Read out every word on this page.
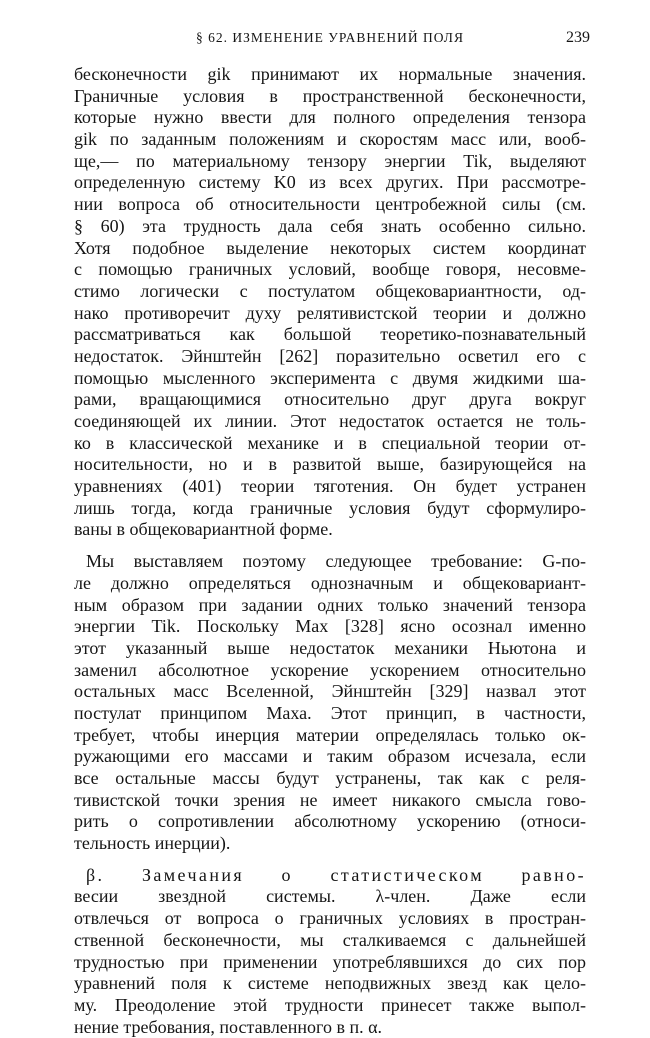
§ 62. ИЗМЕНЕНИЕ УРАВНЕНИЙ ПОЛЯ	239
бесконечности gik принимают их нормальные значения.
Граничные условия в пространственной бесконечности,
которые нужно ввести для полного определения тензора
gik по заданным положениям и скоростям масс или, вооб-
ще,— по материальному тензору энергии Tik, выделяют
определенную систему K0 из всех других. При рассмотре-
нии вопроса об относительности центробежной силы (см.
§ 60) эта трудность дала себя знать особенно сильно.
Хотя подобное выделение некоторых систем координат
с помощью граничных условий, вообще говоря, несовме-
стимо логически с постулатом общековариантности, од-
нако противоречит духу релятивистской теории и должно
рассматриваться как большой теоретико-познавательный
недостаток. Эйнштейн [262] поразительно осветил его с
помощью мысленного эксперимента с двумя жидкими ша-
рами, вращающимися относительно друг друга вокруг
соединяющей их линии. Этот недостаток остается не толь-
ко в классической механике и в специальной теории от-
носительности, но и в развитой выше, базирующейся на
уравнениях (401) теории тяготения. Он будет устранен
лишь тогда, когда граничные условия будут сформулиро-
ваны в общековариантной форме.
Мы выставляем поэтому следующее требование: G-по-
ле должно определяться однозначным и общековариант-
ным образом при задании одних только значений тензора
энергии Tik. Поскольку Мах [328] ясно осознал именно
этот указанный выше недостаток механики Ньютона и
заменил абсолютное ускорение ускорением относительно
остальных масс Вселенной, Эйнштейн [329] назвал этот
постулат принципом Маха. Этот принцип, в частности,
требует, чтобы инерция материи определялась только ок-
ружающими его массами и таким образом исчезала, если
все остальные массы будут устранены, так как с реля-
тивистской точки зрения не имеет никакого смысла гово-
рить о сопротивлении абсолютному ускорению (относи-
тельность инерции).
β. Замечания о статистическом равно-
весии звездной системы. λ-член. Даже если
отвлечься от вопроса о граничных условиях в простран-
ственной бесконечности, мы сталкиваемся с дальнейшей
трудностью при применении употреблявшихся до сих пор
уравнений поля к системе неподвижных звезд как цело-
му. Преодоление этой трудности принесет также выпол-
нение требования, поставленного в п. α.
